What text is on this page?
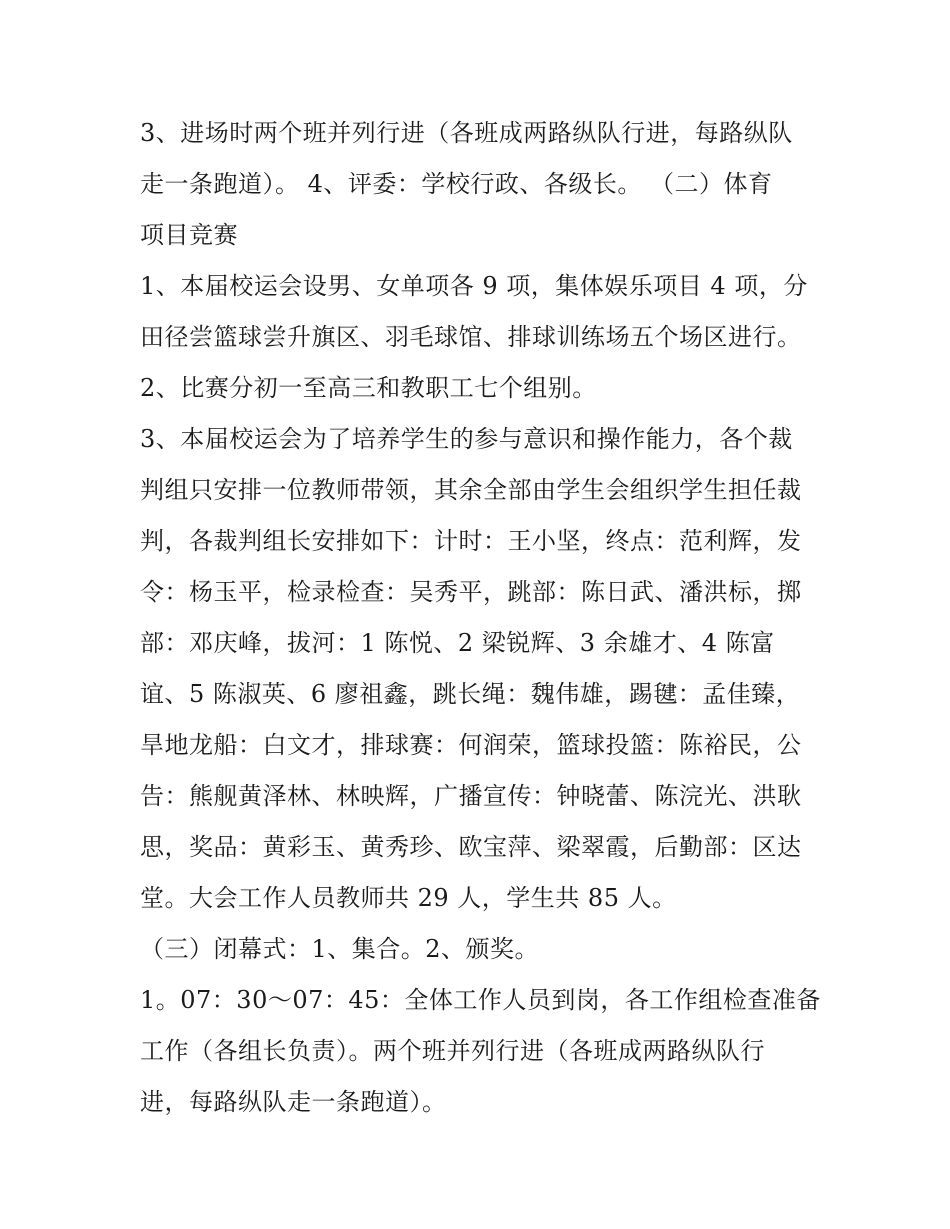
3、进场时两个班并列行进（各班成两路纵队行进，每路纵队
走一条跑道）。 4、评委：学校行政、各级长。 （二）体育
项目竞赛
1、本届校运会设男、女单项各 9 项，集体娱乐项目 4 项，分
田径尝篮球尝升旗区、羽毛球馆、排球训练场五个场区进行。
2、比赛分初一至高三和教职工七个组别。
3、本届校运会为了培养学生的参与意识和操作能力，各个裁
判组只安排一位教师带领，其余全部由学生会组织学生担任裁
判，各裁判组长安排如下：计时：王小坚，终点：范利辉，发
令：杨玉平，检录检查：吴秀平，跳部：陈日武、潘洪标，掷
部：邓庆峰，拔河：1 陈悦、2 梁锐辉、3 余雄才、4 陈富
谊、5 陈淑英、6 廖祖鑫，跳长绳：魏伟雄，踢毽：孟佳臻，
旱地龙船：白文才，排球赛：何润荣，篮球投篮：陈裕民，公
告：熊舰黄泽林、林映辉，广播宣传：钟晓蕾、陈浣光、洪耿
思，奖品：黄彩玉、黄秀珍、欧宝萍、梁翠霞，后勤部：区达
堂。大会工作人员教师共 29 人，学生共 85 人。
（三）闭幕式：1、集合。2、颁奖。
1。07：30～07：45：全体工作人员到岗，各工作组检查准备
工作（各组长负责）。两个班并列行进（各班成两路纵队行
进，每路纵队走一条跑道）。
